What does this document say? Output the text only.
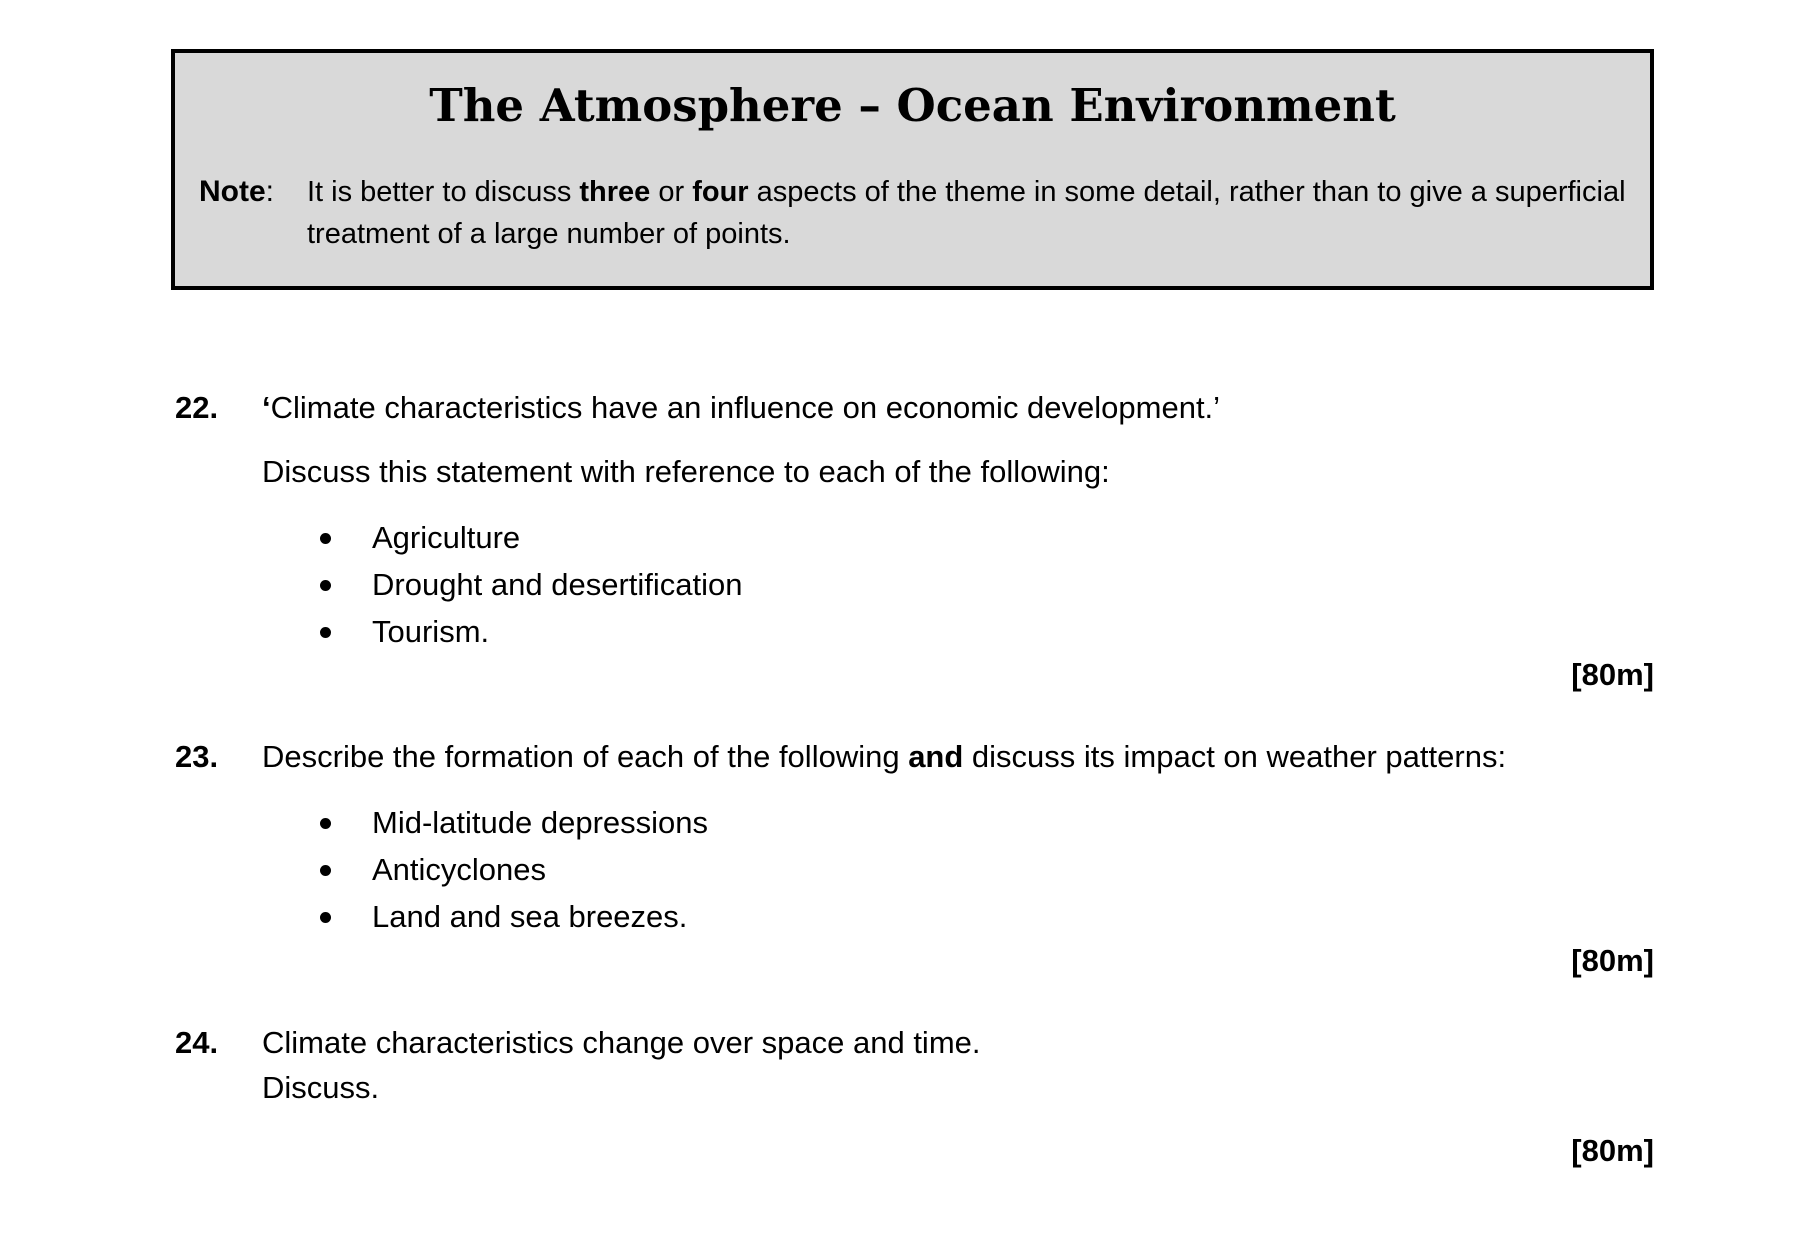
The Atmosphere – Ocean Environment
Note: It is better to discuss three or four aspects of the theme in some detail, rather than to give a superficial treatment of a large number of points.
22. ‘Climate characteristics have an influence on economic development.’
Discuss this statement with reference to each of the following:
Agriculture
Drought and desertification
Tourism.
[80m]
23. Describe the formation of each of the following and discuss its impact on weather patterns:
Mid-latitude depressions
Anticyclones
Land and sea breezes.
[80m]
24. Climate characteristics change over space and time.
Discuss.
[80m]
